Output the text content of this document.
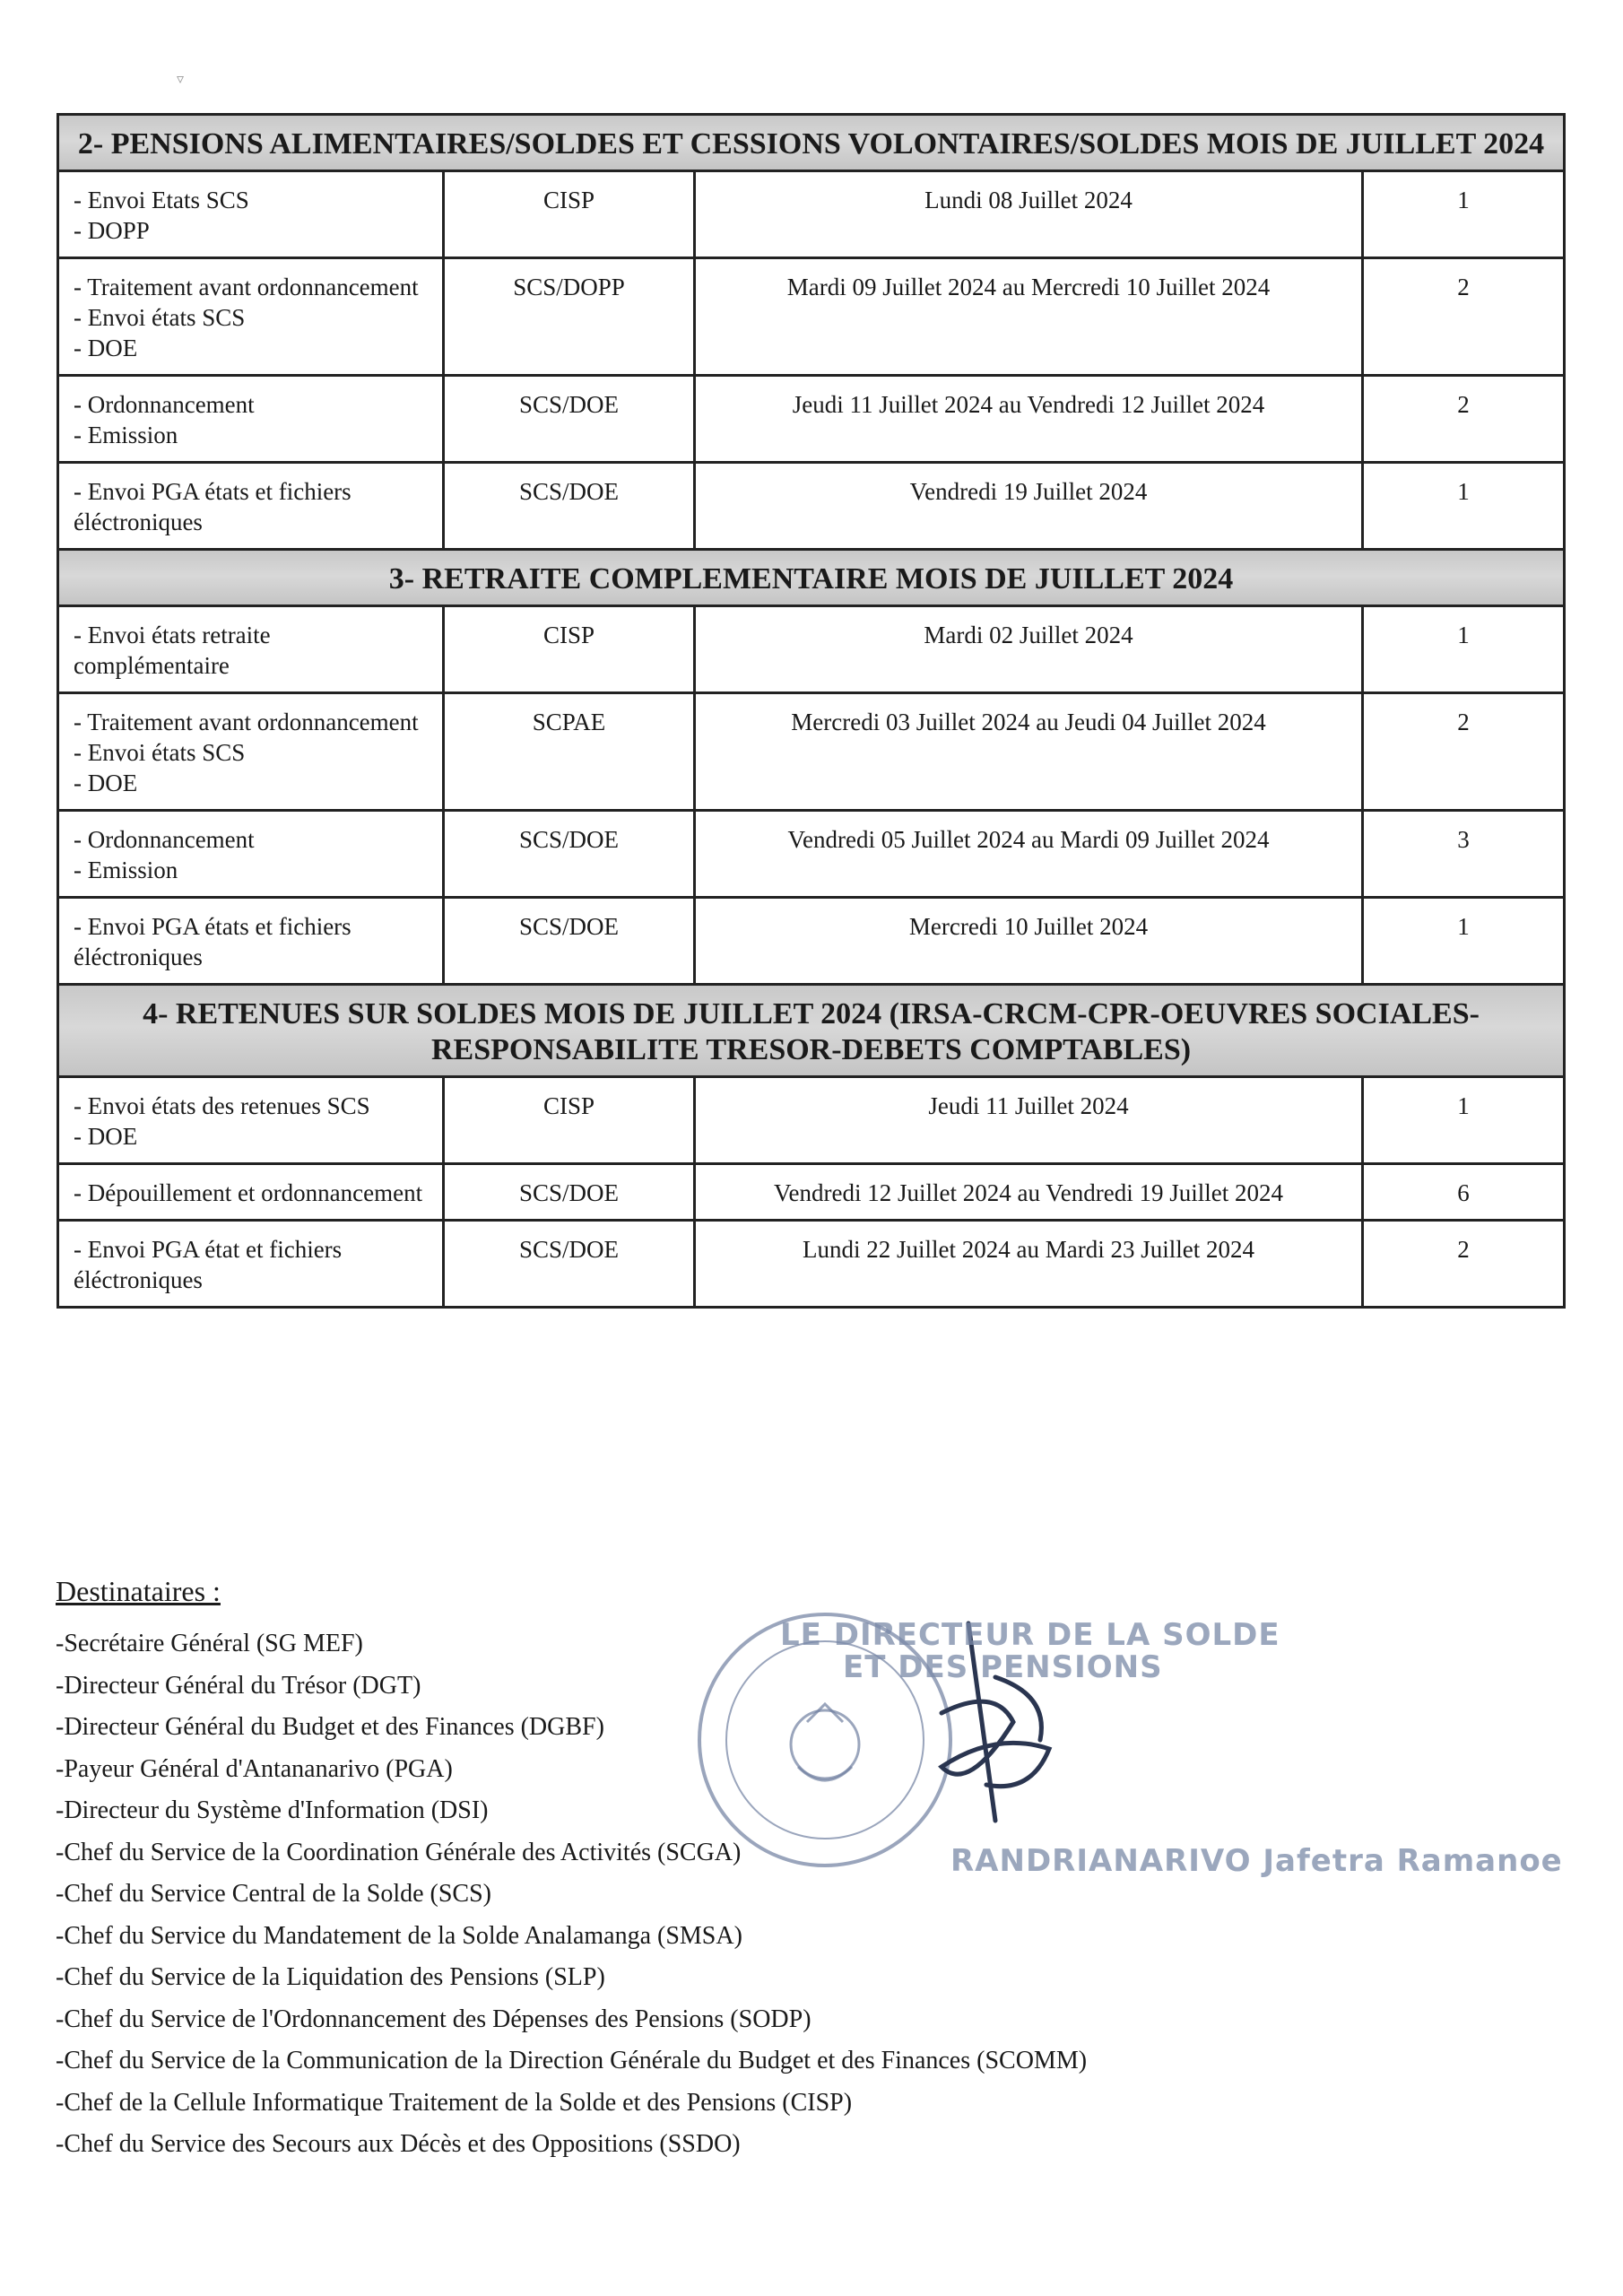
▿
2- PENSIONS ALIMENTAIRES/SOLDES ET CESSIONS VOLONTAIRES/SOLDES MOIS DE JUILLET 2024			

- Envoi Etats SCS
- DOPP	CISP	Lundi 08 Juillet 2024	1

- Traitement avant ordonnancement
- Envoi états SCS
- DOE	SCS/DOPP	Mardi 09 Juillet 2024 au Mercredi 10 Juillet 2024	2

- Ordonnancement
- Emission	SCS/DOE	Jeudi 11 Juillet 2024 au Vendredi 12 Juillet 2024	2

- Envoi PGA états et fichiers éléctroniques	SCS/DOE	Vendredi 19 Juillet 2024	1
3- RETRAITE COMPLEMENTAIRE MOIS DE JUILLET 2024			

- Envoi états retraite complémentaire	CISP	Mardi 02 Juillet 2024	1

- Traitement avant ordonnancement
- Envoi états SCS
- DOE	SCPAE	Mercredi 03 Juillet 2024 au Jeudi 04 Juillet 2024	2

- Ordonnancement
- Emission	SCS/DOE	Vendredi 05 Juillet 2024 au Mardi 09 Juillet 2024	3

- Envoi PGA états et fichiers éléctroniques	SCS/DOE	Mercredi 10 Juillet 2024	1
4- RETENUES SUR SOLDES MOIS DE JUILLET 2024 (IRSA-CRCM-CPR-OEUVRES SOCIALES-RESPONSABILITE TRESOR-DEBETS COMPTABLES)			

- Envoi états des retenues SCS
- DOE	CISP	Jeudi 11 Juillet 2024	1

- Dépouillement et ordonnancement	SCS/DOE	Vendredi 12 Juillet 2024 au Vendredi 19 Juillet 2024	6

- Envoi PGA état et fichiers éléctroniques	SCS/DOE	Lundi 22 Juillet 2024 au Mardi 23 Juillet 2024	2
Destinataires :
-Secrétaire Général (SG MEF)
-Directeur Général du Trésor (DGT)
-Directeur Général du Budget et des Finances (DGBF)
-Payeur Général d'Antananarivo (PGA)
-Directeur du Système d'Information (DSI)
-Chef du Service de la Coordination Générale des Activités (SCGA)
-Chef du Service Central de la Solde (SCS)
-Chef du Service du Mandatement de la Solde Analamanga (SMSA)
-Chef du Service de la Liquidation des Pensions (SLP)
-Chef du Service de l'Ordonnancement des Dépenses des Pensions (SODP)
-Chef du Service de la Communication de la Direction Générale du Budget et des Finances (SCOMM)
-Chef de la Cellule Informatique Traitement de la Solde et des Pensions (CISP)
-Chef du Service des Secours aux Décès et des Oppositions (SSDO)
LE DIRECTEUR DE LA SOLDE
ET DES PENSIONS
RANDRIANARIVO Jafetra Ramanoe
